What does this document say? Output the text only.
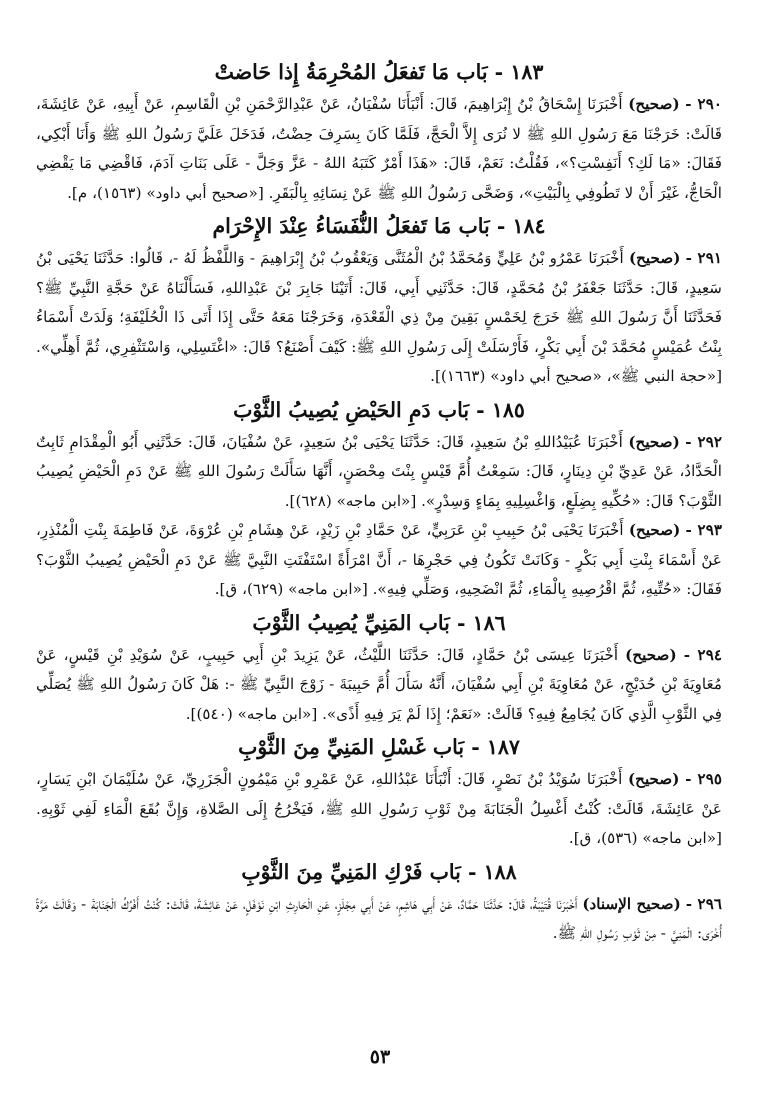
١٨٣ - بَاب مَا تَفعَلُ المُحْرِمَةُ إِذا حَاضتْ

٢٩٠ - (صحيح) أَخْبَرَنَا إِسْحَاقُ بْنُ إِبْرَاهِيمَ، قَالَ: أَنْبَأَنَا سُفْيَانُ، عَنْ عَبْدِالرَّحْمَنِ بْنِ الْقَاسِمِ، عَنْ أَبِيهِ، عَنْ عَائِشَةَ، قَالَتْ: خَرَجْنَا مَعَ رَسُولِ اللهِ ﷺ لا نُرَى إِلاَّ الْحَجَّ، فَلَمَّا كَانَ بِسَرِفَ حِضْتُ، فَدَخَلَ عَلَيَّ رَسُولُ اللهِ ﷺ وَأَنَا أَبْكِي، فَقَالَ: «مَا لَكِ؟ أَنَفِسْتِ؟»، فَقُلْتُ: نَعَمْ، قَالَ: «هَذَا أَمْرٌ كَتَبَهُ اللهُ - عَزَّ وَجَلَّ - عَلَى بَنَاتِ آدَمَ، فَاقْضِي مَا يَقْضِي الْحَاجُّ، غَيْرَ أَنْ لا تَطُوفِي بِالْبَيْتِ»، وَضَحَّى رَسُولُ اللهِ ﷺ عَنْ نِسَائِهِ بِالْبَقَرِ. [«صحيح أبي داود» (١٥٦٣)، م].

١٨٤ - بَاب مَا تَفعَلُ النُّفَسَاءُ عِنْدَ الإِحْرَام

٢٩١ - (صحيح) أَخْبَرَنَا عَمْرُو بْنُ عَلِيٍّ وَمُحَمَّدُ بْنُ الْمُثَنَّى وَيَعْقُوبُ بْنُ إِبْرَاهِيمَ - وَاللَّفْظُ لَهُ -، قَالُوا: حَدَّثَنَا يَحْيَى بْنُ سَعِيدٍ، قَالَ: حَدَّثَنَا جَعْفَرُ بْنُ مُحَمَّدٍ، قَالَ: حَدَّثَنِي أَبِي، قَالَ: أَتَيْنَا جَابِرَ بْنَ عَبْدِاللهِ، فَسَأَلْنَاهُ عَنْ حَجَّةِ النَّبِيِّ ﷺ؟ فَحَدَّثَنَا أَنَّ رَسُولَ اللهِ ﷺ خَرَجَ لِخَمْسٍ بَقِينَ مِنْ ذِي الْقَعْدَةِ، وَخَرَجْنَا مَعَهُ حَتَّى إِذَا أَتَى ذَا الْحُلَيْفَةِ؛ وَلَدَتْ أَسْمَاءُ بِنْتُ عُمَيْسٍ مُحَمَّدَ بْنَ أَبِي بَكْرٍ، فَأَرْسَلَتْ إِلَى رَسُولِ اللهِ ﷺ: كَيْفَ أَصْنَعُ؟ قَالَ: «اغْتَسِلِي، وَاسْتَثْفِرِي، ثُمَّ أَهِلِّي». [«حجة النبي ﷺ»، «صحيح أبي داود» (١٦٦٣)].

١٨٥ - بَاب دَمِ الحَيْضِ يُصِيبُ الثَّوْبَ

٢٩٢ - (صحيح) أَخْبَرَنَا عُبَيْدُاللهِ بْنُ سَعِيدٍ، قَالَ: حَدَّثَنَا يَحْيَى بْنُ سَعِيدٍ، عَنْ سُفْيَانَ، قَالَ: حَدَّثَنِي أَبُو الْمِقْدَامِ ثَابِتٌ الْحَدَّادُ، عَنْ عَدِيِّ بْنِ دِينَارٍ، قَالَ: سَمِعْتُ أُمَّ قَيْسٍ بِنْتَ مِحْصَنٍ، أَنَّهَا سَأَلَتْ رَسُولَ اللهِ ﷺ عَنْ دَمِ الْحَيْضِ يُصِيبُ الثَّوْبَ؟ قَالَ: «حُكِّيهِ بِضِلَعٍ، وَاغْسِلِيهِ بِمَاءٍ وَسِدْرٍ». [«ابن ماجه» (٦٢٨)].

٢٩٣ - (صحيح) أَخْبَرَنَا يَحْيَى بْنُ حَبِيبِ بْنِ عَرَبِيٍّ، عَنْ حَمَّادِ بْنِ زَيْدٍ، عَنْ هِشَامِ بْنِ عُرْوَةَ، عَنْ فَاطِمَةَ بِنْتِ الْمُنْذِرِ، عَنْ أَسْمَاءَ بِنْتِ أَبِي بَكْرٍ - وَكَانَتْ تَكُونُ فِي حَجْرِهَا -، أَنَّ امْرَأَةً اسْتَفْتَتِ النَّبِيَّ ﷺ عَنْ دَمِ الْحَيْضِ يُصِيبُ الثَّوْبَ؟ فَقَالَ: «حُتِّيهِ، ثُمَّ اقْرُصِيهِ بِالْمَاءِ، ثُمَّ انْضَحِيهِ، وَصَلِّي فِيهِ». [«ابن ماجه» (٦٢٩)، ق].

١٨٦ - بَاب المَنِيِّ يُصِيبُ الثَّوْبَ

٢٩٤ - (صحيح) أَخْبَرَنَا عِيسَى بْنُ حَمَّادٍ، قَالَ: حَدَّثَنَا اللَّيْثُ، عَنْ يَزِيدَ بْنِ أَبِي حَبِيبٍ، عَنْ سُوَيْدِ بْنِ قَيْسٍ، عَنْ مُعَاوِيَةَ بْنِ حُدَيْجٍ، عَنْ مُعَاوِيَةَ بْنِ أَبِي سُفْيَانَ، أَنَّهُ سَأَلَ أُمَّ حَبِيبَةَ - زَوْجَ النَّبِيِّ ﷺ -: هَلْ كَانَ رَسُولُ اللهِ ﷺ يُصَلِّي فِي الثَّوْبِ الَّذِي كَانَ يُجَامِعُ فِيهِ؟ قَالَتْ: «نَعَمْ؛ إِذَا لَمْ يَرَ فِيهِ أَذًى». [«ابن ماجه» (٥٤٠)].

١٨٧ - بَاب غَسْلِ المَنِيِّ مِنَ الثَّوْبِ

٢٩٥ - (صحيح) أَخْبَرَنَا سُوَيْدُ بْنُ نَصْرٍ، قَالَ: أَنْبَأَنَا عَبْدُاللهِ، عَنْ عَمْرِو بْنِ مَيْمُونٍ الْجَزَرِيِّ، عَنْ سُلَيْمَانَ ابْنِ يَسَارٍ، عَنْ عَائِشَةَ، قَالَتْ: كُنْتُ أَغْسِلُ الْجَنَابَةَ مِنْ ثَوْبِ رَسُولِ اللهِ ﷺ، فَيَخْرُجُ إِلَى الصَّلاةِ، وَإِنَّ بُقَعَ الْمَاءِ لَفِي ثَوْبِهِ. [«ابن ماجه» (٥٣٦)، ق].

١٨٨ - بَاب فَرْكِ المَنِيِّ مِنَ الثَّوْبِ

٢٩٦ - (صحيح الإسناد) أَخْبَرَنَا قُتَيْبَةُ، قَالَ: حَدَّثَنَا حَمَّادٌ، عَنْ أَبِي هَاشِمٍ، عَنْ أَبِي مِجْلَزٍ، عَنِ الْحَارِثِ ابْنِ نَوْفَلٍ، عَنْ عَائِشَةَ، قَالَتْ: كُنْتُ أَفْرُكُ الْجَنَابَةَ - وَقَالَتْ مَرَّةً أُخْرَى: الْمَنِيَّ - مِنْ ثَوْبِ رَسُولِ اللهِ ﷺ.

٥٣
